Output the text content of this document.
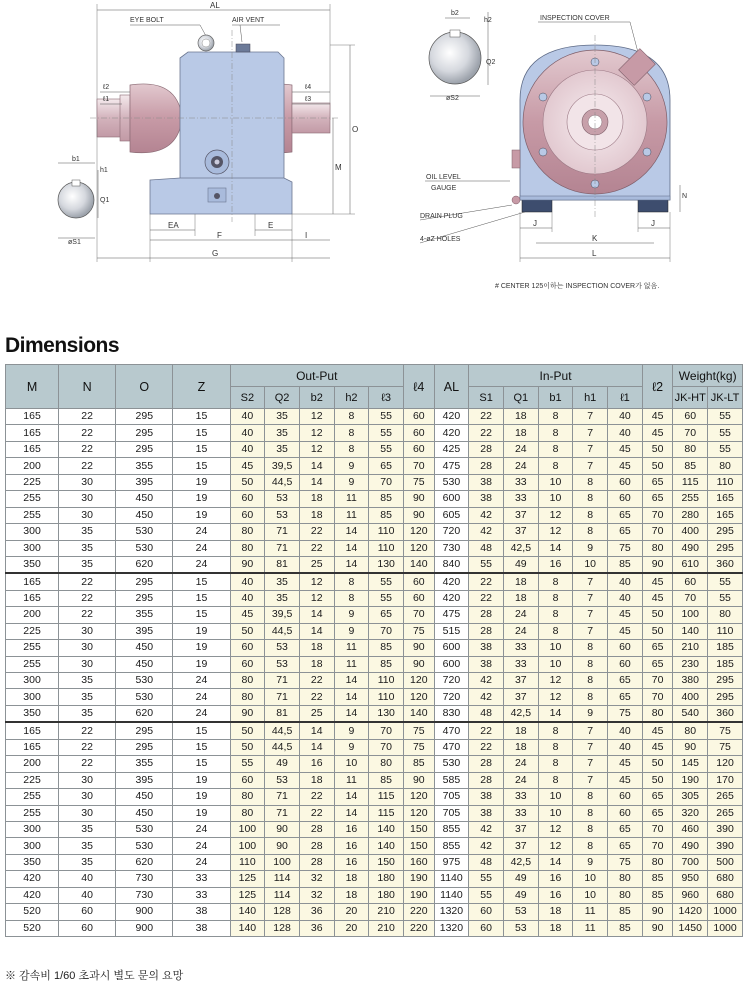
AL
EYE BOLT	AIR VENT
ℓ2
ℓ1
ℓ4
ℓ3
O
M
EA	E
F	I
G
b1
h1
Q1
øS1
b2
h2
Q2
øS2
INSPECTION COVER
OIL LEVEL
GAUGE
DRAIN PLUG
4-øZ HOLES
N
J	J
K
L
# CENTER 125이하는 INSPECTION COVER가 없음.
Dimensions
M	N	O	Z	Out-Put					ℓ4	AL	In-Put					ℓ2	Weight(kg)	
				S2	Q2	b2	h2	ℓ3			S1	Q1	b1	h1	ℓ1		JK-HT	JK-LT
165	22	295	15	40	35	12	8	55	60	420	22	18	8	7	40	45	60	55
165	22	295	15	40	35	12	8	55	60	420	22	18	8	7	40	45	70	55
165	22	295	15	40	35	12	8	55	60	425	28	24	8	7	45	50	80	55
200	22	355	15	45	39,5	14	9	65	70	475	28	24	8	7	45	50	85	80
225	30	395	19	50	44,5	14	9	70	75	530	38	33	10	8	60	65	115	110
255	30	450	19	60	53	18	11	85	90	600	38	33	10	8	60	65	255	165
255	30	450	19	60	53	18	11	85	90	605	42	37	12	8	65	70	280	165
300	35	530	24	80	71	22	14	110	120	720	42	37	12	8	65	70	400	295
300	35	530	24	80	71	22	14	110	120	730	48	42,5	14	9	75	80	490	295
350	35	620	24	90	81	25	14	130	140	840	55	49	16	10	85	90	610	360
165	22	295	15	40	35	12	8	55	60	420	22	18	8	7	40	45	60	55
165	22	295	15	40	35	12	8	55	60	420	22	18	8	7	40	45	70	55
200	22	355	15	45	39,5	14	9	65	70	475	28	24	8	7	45	50	100	80
225	30	395	19	50	44,5	14	9	70	75	515	28	24	8	7	45	50	140	110
255	30	450	19	60	53	18	11	85	90	600	38	33	10	8	60	65	210	185
255	30	450	19	60	53	18	11	85	90	600	38	33	10	8	60	65	230	185
300	35	530	24	80	71	22	14	110	120	720	42	37	12	8	65	70	380	295
300	35	530	24	80	71	22	14	110	120	720	42	37	12	8	65	70	400	295
350	35	620	24	90	81	25	14	130	140	830	48	42,5	14	9	75	80	540	360
165	22	295	15	50	44,5	14	9	70	75	470	22	18	8	7	40	45	80	75
165	22	295	15	50	44,5	14	9	70	75	470	22	18	8	7	40	45	90	75
200	22	355	15	55	49	16	10	80	85	530	28	24	8	7	45	50	145	120
225	30	395	19	60	53	18	11	85	90	585	28	24	8	7	45	50	190	170
255	30	450	19	80	71	22	14	115	120	705	38	33	10	8	60	65	305	265
255	30	450	19	80	71	22	14	115	120	705	38	33	10	8	60	65	320	265
300	35	530	24	100	90	28	16	140	150	855	42	37	12	8	65	70	460	390
300	35	530	24	100	90	28	16	140	150	855	42	37	12	8	65	70	490	390
350	35	620	24	110	100	28	16	150	160	975	48	42,5	14	9	75	80	700	500
420	40	730	33	125	114	32	18	180	190	1140	55	49	16	10	80	85	950	680
420	40	730	33	125	114	32	18	180	190	1140	55	49	16	10	80	85	960	680
520	60	900	38	140	128	36	20	210	220	1320	60	53	18	11	85	90	1420	1000
520	60	900	38	140	128	36	20	210	220	1320	60	53	18	11	85	90	1450	1000
※ 감속비 1/60 초과시 별도 문의 요망
